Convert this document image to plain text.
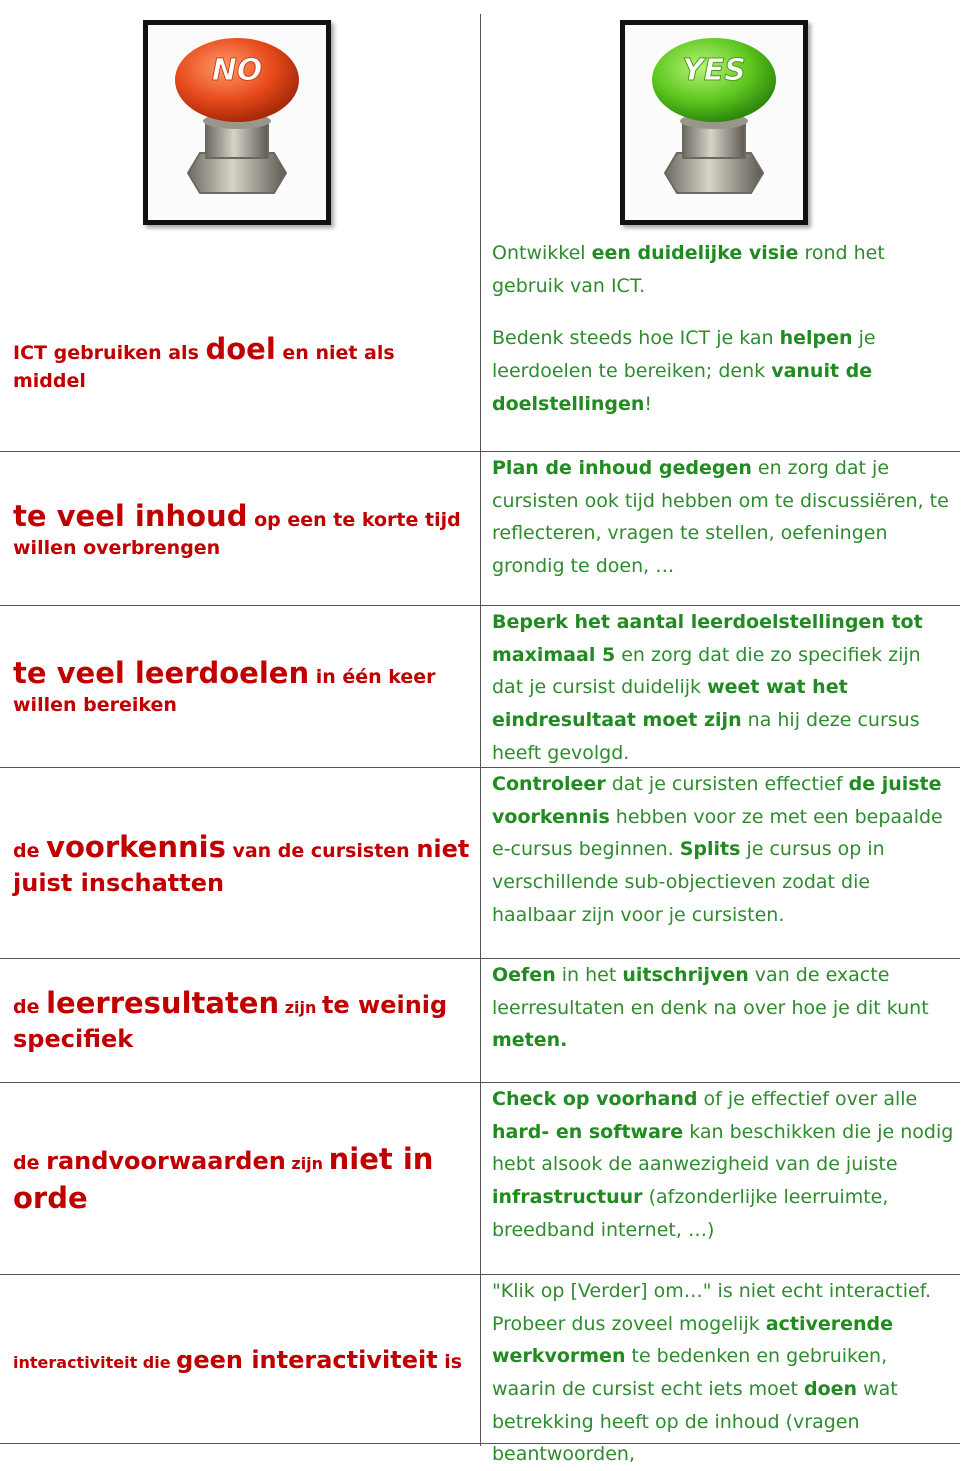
NO	YES
ICT gebruiken als doel en niet als middel

Ontwikkel een duidelijke visie rond het gebruik van ICT.

Bedenk steeds hoe ICT je kan helpen je leerdoelen te bereiken; denk vanuit de doelstellingen!

te veel inhoud op een te korte tijd willen overbrengen

Plan de inhoud gedegen en zorg dat je cursisten ook tijd hebben om te discussiëren, te reflecteren, vragen te stellen, oefeningen grondig te doen, …

te veel leerdoelen in één keer willen bereiken

Beperk het aantal leerdoelstellingen tot maximaal 5 en zorg dat die zo specifiek zijn dat je cursist duidelijk weet wat het eindresultaat moet zijn na hij deze cursus heeft gevolgd.

de voorkennis van de cursisten niet juist inschatten

Controleer dat je cursisten effectief de juiste voorkennis hebben voor ze met een bepaalde e-cursus beginnen. Splits je cursus op in verschillende sub-objectieven zodat die haalbaar zijn voor je cursisten.

de leerresultaten zijn te weinig specifiek

Oefen in het uitschrijven van de exacte leerresultaten en denk na over hoe je dit kunt meten.

de randvoorwaarden zijn niet in orde

Check op voorhand of je effectief over alle hard- en software kan beschikken die je nodig hebt alsook de aanwezigheid van de juiste infrastructuur (afzonderlijke leerruimte, breedband internet, …)

interactiviteit die geen interactiviteit is

"Klik op [Verder] om…" is niet echt interactief. Probeer dus zoveel mogelijk activerende werkvormen te bedenken en gebruiken, waarin de cursist echt iets moet doen wat betrekking heeft op de inhoud (vragen beantwoorden,
